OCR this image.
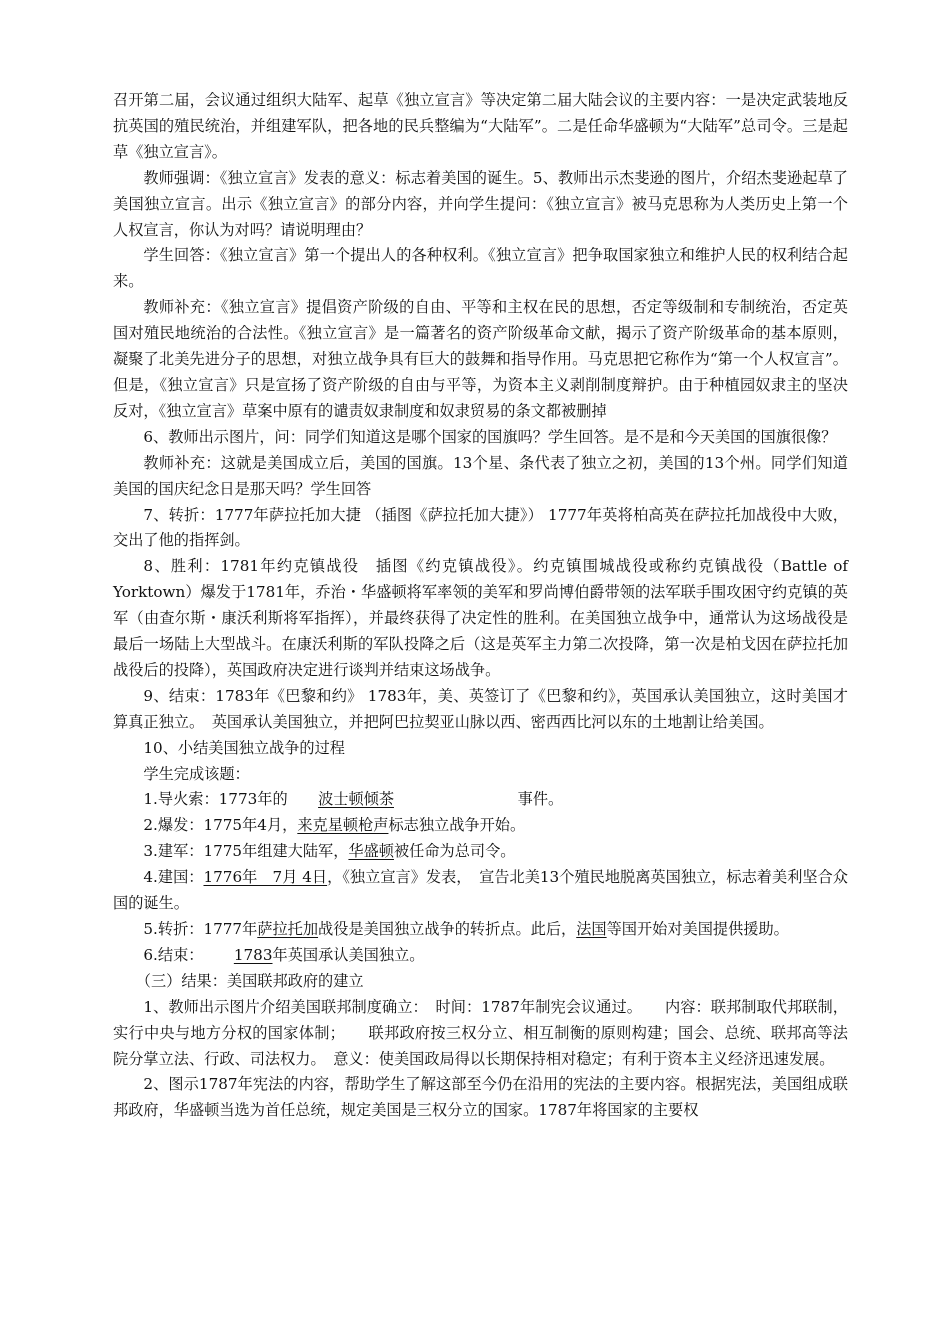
召开第二届，会议通过组织大陆军、起草《独立宣言》等决定第二届大陆会议的主要内容：一是决定武装地反抗英国的殖民统治，并组建军队，把各地的民兵整编为“大陆军”。二是任命华盛顿为“大陆军”总司令。三是起草《独立宣言》。

教师强调：《独立宣言》发表的意义：标志着美国的诞生。5、教师出示杰斐逊的图片，介绍杰斐逊起草了美国独立宣言。出示《独立宣言》的部分内容，并向学生提问：《独立宣言》被马克思称为人类历史上第一个人权宣言，你认为对吗？请说明理由？

学生回答：《独立宣言》第一个提出人的各种权利。《独立宣言》把争取国家独立和维护人民的权利结合起来。

教师补充：《独立宣言》提倡资产阶级的自由、平等和主权在民的思想，否定等级制和专制统治，否定英国对殖民地统治的合法性。《独立宣言》是一篇著名的资产阶级革命文献，揭示了资产阶级革命的基本原则，凝聚了北美先进分子的思想，对独立战争具有巨大的鼓舞和指导作用。马克思把它称作为“第一个人权宣言”。但是，《独立宣言》只是宣扬了资产阶级的自由与平等，为资本主义剥削制度辩护。由于种植园奴隶主的坚决反对，《独立宣言》草案中原有的谴责奴隶制度和奴隶贸易的条文都被删掉

6、教师出示图片，问：同学们知道这是哪个国家的国旗吗？学生回答。是不是和今天美国的国旗很像？

教师补充：这就是美国成立后，美国的国旗。13个星、条代表了独立之初，美国的13个州。同学们知道美国的国庆纪念日是那天吗？学生回答

7、转折：1777年萨拉托加大捷 （插图《萨拉托加大捷》） 1777年英将柏高英在萨拉托加战役中大败，交出了他的指挥剑。

8、胜利：1781年约克镇战役　插图《约克镇战役》。约克镇围城战役或称约克镇战役（Battle of Yorktown）爆发于1781年，乔治・华盛顿将军率领的美军和罗尚博伯爵带领的法军联手围攻困守约克镇的英军（由查尔斯・康沃利斯将军指挥），并最终获得了决定性的胜利。在美国独立战争中，通常认为这场战役是最后一场陆上大型战斗。在康沃利斯的军队投降之后（这是英军主力第二次投降，第一次是柏戈因在萨拉托加战役后的投降），英国政府决定进行谈判并结束这场战争。

9、结束：1783年《巴黎和约》 1783年，美、英签订了《巴黎和约》，英国承认美国独立，这时美国才算真正独立。　英国承认美国独立，并把阿巴拉契亚山脉以西、密西西比河以东的土地割让给美国。

10、小结美国独立战争的过程

学生完成该题：

1.导火索：1773年的 波士顿倾茶	事件。

2.爆发：1775年4月，来克星顿枪声标志独立战争开始。

3.建军：1775年组建大陆军，华盛顿被任命为总司令。

4.建国：1776年　7月 4日，《独立宣言》发表，　宣告北美13个殖民地脱离英国独立，标志着美利坚合众国的诞生。

5.转折：1777年萨拉托加战役是美国独立战争的转折点。此后，法国等国开始对美国提供援助。

6.结束： 1783年英国承认美国独立。

（三）结果：美国联邦政府的建立

1、教师出示图片介绍美国联邦制度确立：　时间：1787年制宪会议通过。　　内容：联邦制取代邦联制，实行中央与地方分权的国家体制；　　联邦政府按三权分立、相互制衡的原则构建；国会、总统、联邦高等法院分掌立法、行政、司法权力。　意义：使美国政局得以长期保持相对稳定；有利于资本主义经济迅速发展。

2、图示1787年宪法的内容，帮助学生了解这部至今仍在沿用的宪法的主要内容。根据宪法，美国组成联邦政府，华盛顿当选为首任总统，规定美国是三权分立的国家。1787年将国家的主要权
